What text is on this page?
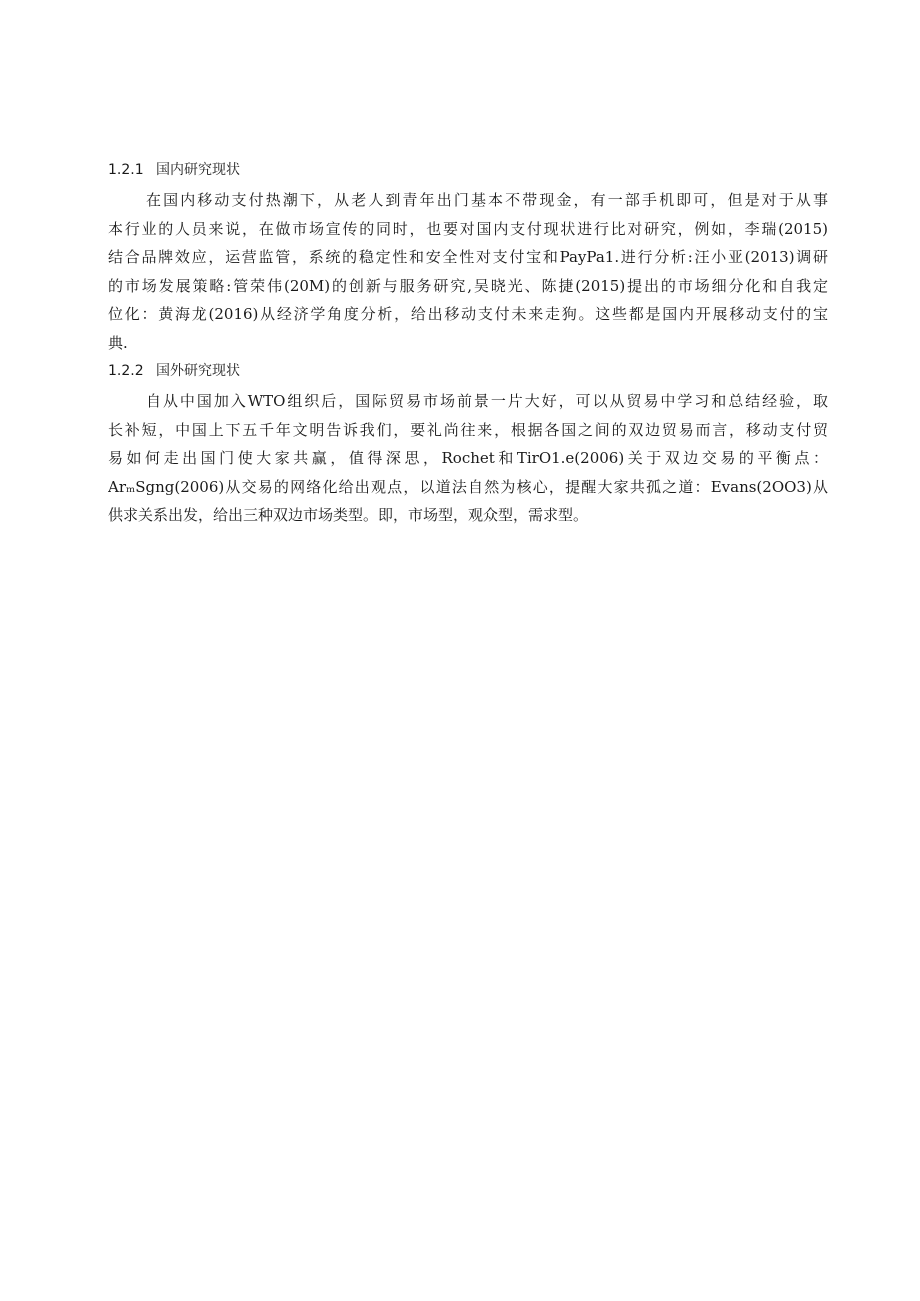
1.2.1 国内研究现状
在国内移动支付热潮下，从老人到青年出门基本不带现金，有一部手机即可，但是对于从事
本行业的人员来说，在做市场宣传的同时，也要对国内支付现状进行比对研究，例如，李瑞(2015)
结合品牌效应，运营监管，系统的稳定性和安全性对支付宝和PayPa1.进行分析:汪小亚(2013)调研
的市场发展策略:管荣伟(20M)的创新与服务研究,吴晓光、陈捷(2015)提出的市场细分化和自我定
位化：黄海龙(2016)从经济学角度分析，给出移动支付未来走狗。这些都是国内开展移动支付的宝
典.
1.2.2 国外研究现状
自从中国加入WTO组织后，国际贸易市场前景一片大好，可以从贸易中学习和总结经验，取
长补短，中国上下五千年文明告诉我们，要礼尚往来，根据各国之间的双边贸易而言，移动支付贸
易如何走出国门使大家共赢，值得深思，Rochet和TirO1.e(2006)关于双边交易的平衡点：
ArₘSgng(2006)从交易的网络化给出观点，以道法自然为核心，提醒大家共孤之道：Evans(2OO3)从
供求关系出发，给出三种双边市场类型。即，市场型，观众型，需求型。
